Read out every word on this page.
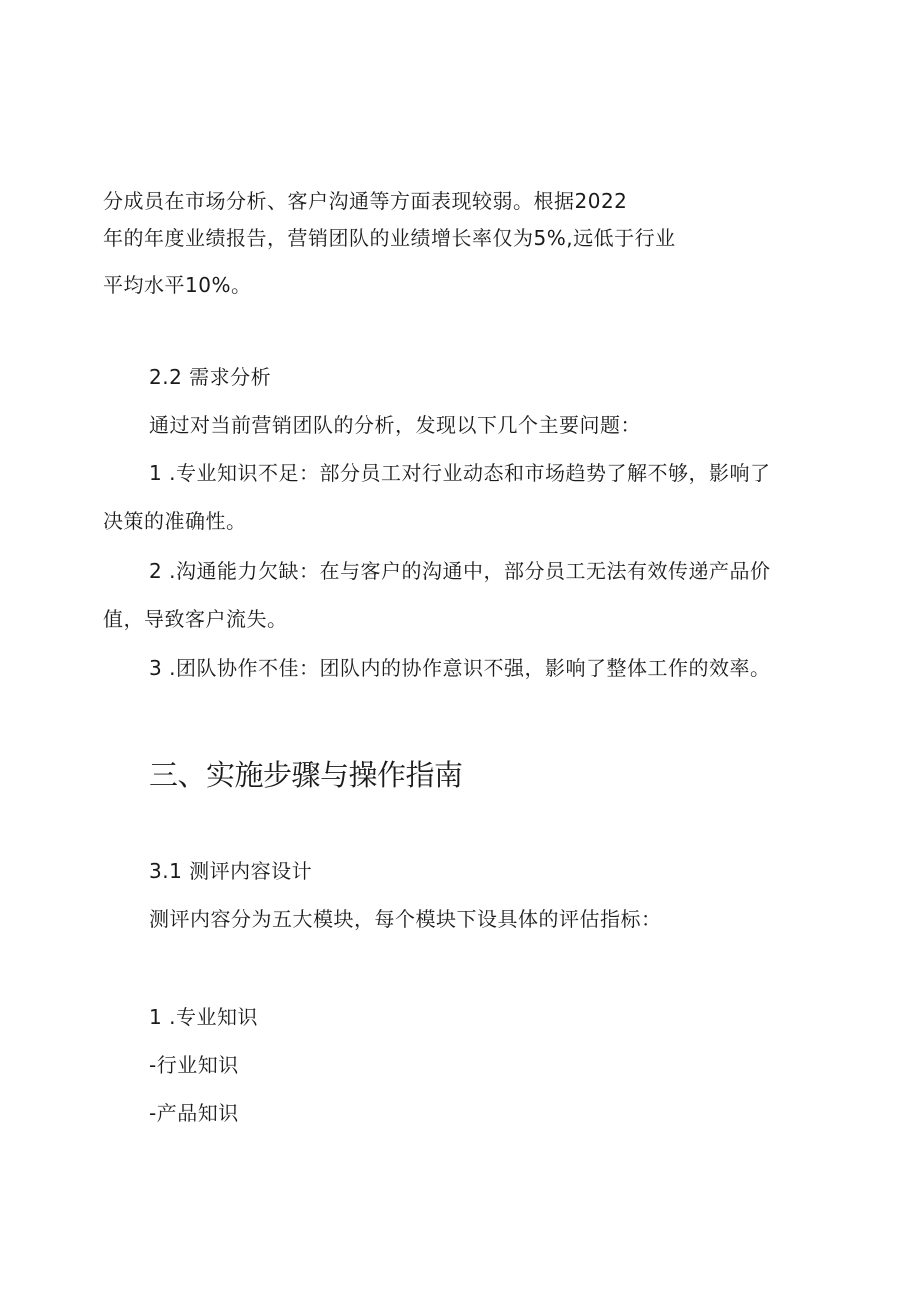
分成员在市场分析、客户沟通等方面表现较弱。根据2022
年的年度业绩报告，营销团队的业绩增长率仅为5%,远低于行业
平均水平10%。
2.2 需求分析
通过对当前营销团队的分析，发现以下几个主要问题：
1 .专业知识不足：部分员工对行业动态和市场趋势了解不够，影响了
决策的准确性。
2 .沟通能力欠缺：在与客户的沟通中，部分员工无法有效传递产品价
值，导致客户流失。
3 .团队协作不佳：团队内的协作意识不强，影响了整体工作的效率。
三、实施步骤与操作指南
3.1 测评内容设计
测评内容分为五大模块，每个模块下设具体的评估指标：
1 .专业知识
-行业知识
-产品知识
